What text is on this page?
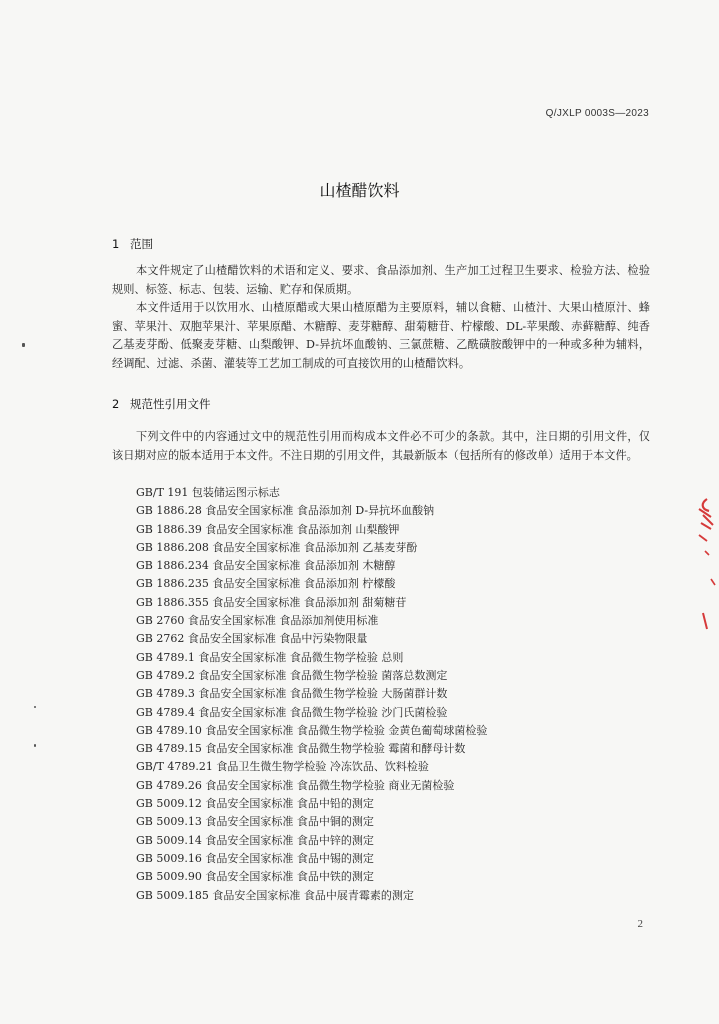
Q/JXLP 0003S—2023
山楂醋饮料
1 范围

本文件规定了山楂醋饮料的术语和定义、要求、食品添加剂、生产加工过程卫生要求、检验方法、检验规则、标签、标志、包装、运输、贮存和保质期。

本文件适用于以饮用水、山楂原醋或大果山楂原醋为主要原料，辅以食糖、山楂汁、大果山楂原汁、蜂蜜、苹果汁、双胞苹果汁、苹果原醋、木糖醇、麦芽糖醇、甜菊糖苷、柠檬酸、DL-苹果酸、赤藓糖醇、纯香乙基麦芽酚、低聚麦芽糖、山梨酸钾、D-异抗坏血酸钠、三氯蔗糖、乙酰磺胺酸钾中的一种或多种为辅料，经调配、过滤、杀菌、灌装等工艺加工制成的可直接饮用的山楂醋饮料。

2 规范性引用文件

下列文件中的内容通过文中的规范性引用而构成本文件必不可少的条款。其中，注日期的引用文件，仅该日期对应的版本适用于本文件。不注日期的引用文件，其最新版本（包括所有的修改单）适用于本文件。

GB/T 191 包装储运图示标志
GB 1886.28 食品安全国家标准 食品添加剂 D-异抗坏血酸钠
GB 1886.39 食品安全国家标准 食品添加剂 山梨酸钾
GB 1886.208 食品安全国家标准 食品添加剂 乙基麦芽酚
GB 1886.234 食品安全国家标准 食品添加剂 木糖醇
GB 1886.235 食品安全国家标准 食品添加剂 柠檬酸
GB 1886.355 食品安全国家标准 食品添加剂 甜菊糖苷
GB 2760 食品安全国家标准 食品添加剂使用标准
GB 2762 食品安全国家标准 食品中污染物限量
GB 4789.1 食品安全国家标准 食品微生物学检验 总则
GB 4789.2 食品安全国家标准 食品微生物学检验 菌落总数测定
GB 4789.3 食品安全国家标准 食品微生物学检验 大肠菌群计数
GB 4789.4 食品安全国家标准 食品微生物学检验 沙门氏菌检验
GB 4789.10 食品安全国家标准 食品微生物学检验 金黄色葡萄球菌检验
GB 4789.15 食品安全国家标准 食品微生物学检验 霉菌和酵母计数
GB/T 4789.21 食品卫生微生物学检验 冷冻饮品、饮料检验
GB 4789.26 食品安全国家标准 食品微生物学检验 商业无菌检验
GB 5009.12 食品安全国家标准 食品中铅的测定
GB 5009.13 食品安全国家标准 食品中铜的测定
GB 5009.14 食品安全国家标准 食品中锌的测定
GB 5009.16 食品安全国家标准 食品中锡的测定
GB 5009.90 食品安全国家标准 食品中铁的测定
GB 5009.185 食品安全国家标准 食品中展青霉素的测定
2
